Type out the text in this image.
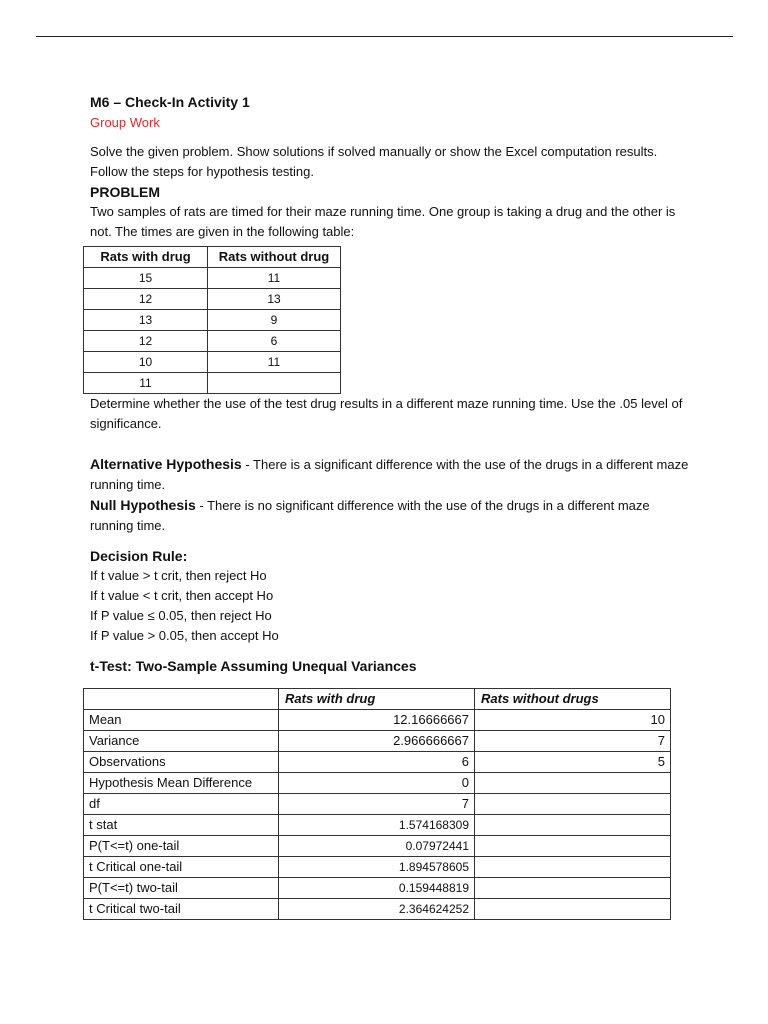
M6 – Check-In Activity 1

Group Work

Solve the given problem. Show solutions if solved manually or show the Excel computation results. Follow the steps for hypothesis testing.

PROBLEM

Two samples of rats are timed for their maze running time. One group is taking a drug and the other is not. The times are given in the following table:

Rats with drug	Rats without drug
15	11
12	13
13	9
12	6
10	11
11	

Determine whether the use of the test drug results in a different maze running time. Use the .05 level of significance.

Alternative Hypothesis - There is a significant difference with the use of the drugs in a different maze running time.

Null Hypothesis - There is no significant difference with the use of the drugs in a different maze running time.

Decision Rule:

If t value > t crit, then reject Ho

If t value < t crit, then accept Ho

If P value ≤ 0.05, then reject Ho

If P value > 0.05, then accept Ho

t-Test: Two-Sample Assuming Unequal Variances

	Rats with drug	Rats without drugs
Mean	12.16666667	10
Variance	2.966666667	7
Observations	6	5
Hypothesis Mean Difference	0	
df	7	
t stat	1.574168309	
P(T<=t) one-tail	0.07972441	
t Critical one-tail	1.894578605	
P(T<=t) two-tail	0.159448819	
t Critical two-tail	2.364624252	
